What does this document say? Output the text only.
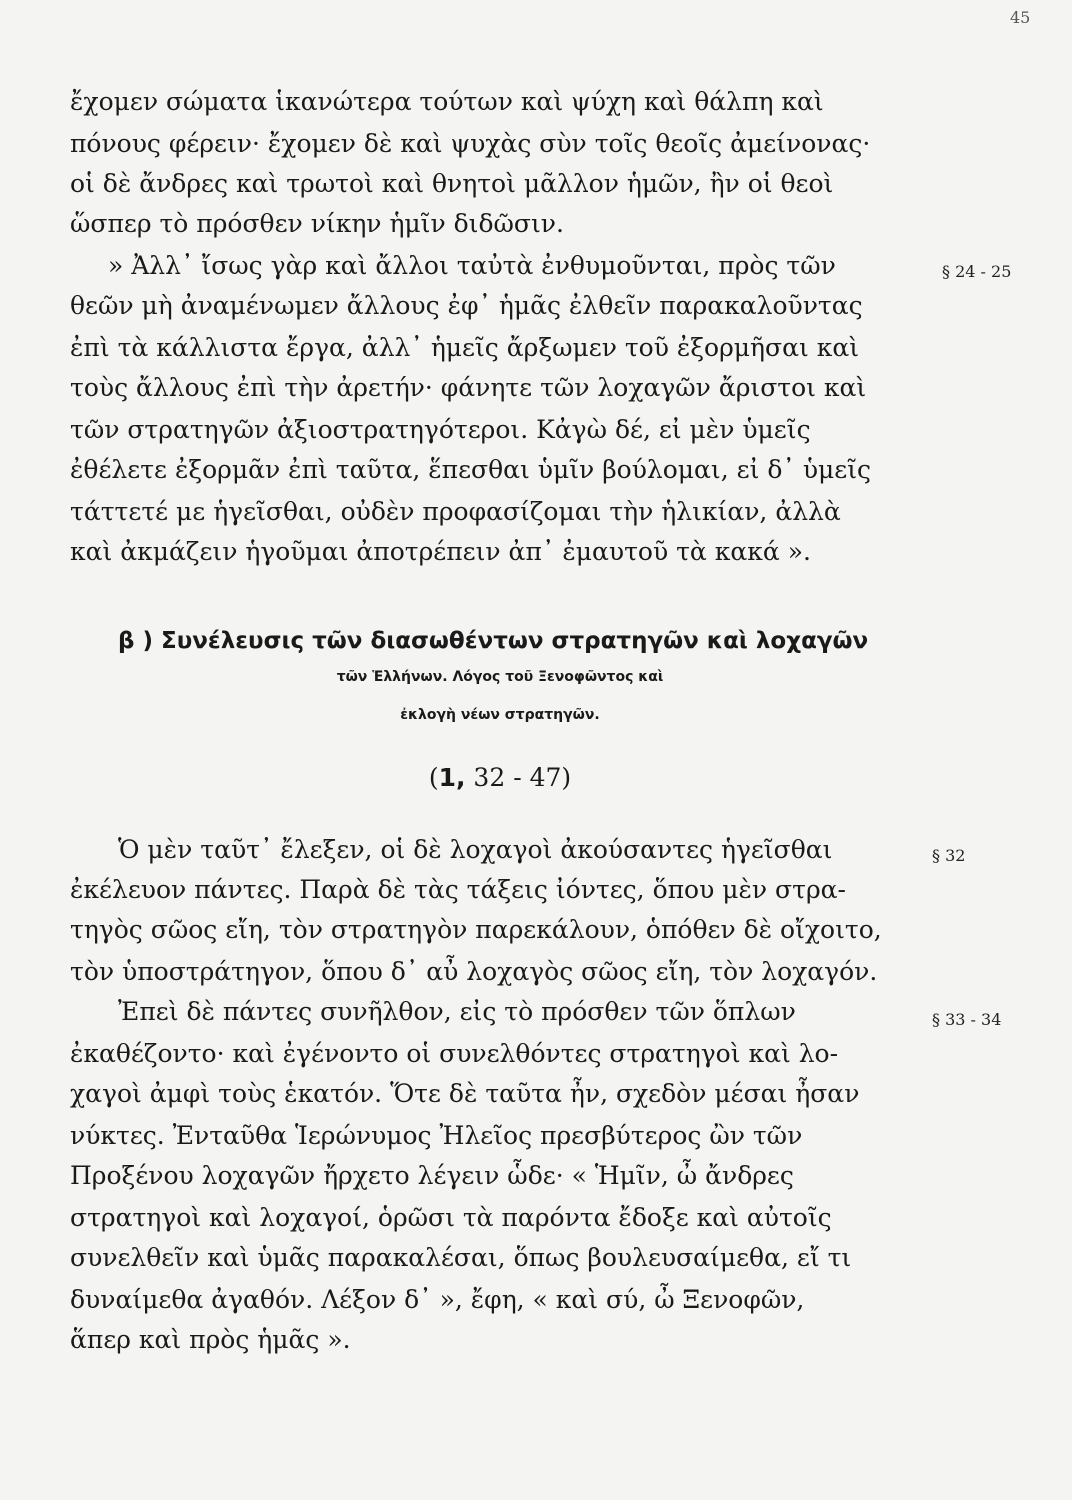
45
ἔχομεν σώματα ἱκανώτερα τούτων καὶ ψύχη καὶ θάλπη καὶ
πόνους φέρειν· ἔχομεν δὲ καὶ ψυχὰς σὺν τοῖς θεοῖς ἀμείνονας·
οἱ δὲ ἄνδρες καὶ τρωτοὶ καὶ θνητοὶ μᾶλλον ἡμῶν, ἢν οἱ θεοὶ
ὥσπερ τὸ πρόσθεν νίκην ἡμῖν διδῶσιν.
» Ἀλλ᾽ ἴσως γὰρ καὶ ἄλλοι ταὐτὰ ἐνθυμοῦνται, πρὸς τῶν	§ 24 - 25
θεῶν μὴ ἀναμένωμεν ἄλλους ἐφ᾽ ἡμᾶς ἐλθεῖν παρακαλοῦντας
ἐπὶ τὰ κάλλιστα ἔργα, ἀλλ᾽ ἡμεῖς ἄρξωμεν τοῦ ἐξορμῆσαι καὶ
τοὺς ἄλλους ἐπὶ τὴν ἀρετήν· φάνητε τῶν λοχαγῶν ἄριστοι καὶ
τῶν στρατηγῶν ἀξιοστρατηγότεροι. Κἀγὼ δέ, εἰ μὲν ὑμεῖς
ἐθέλετε ἐξορμᾶν ἐπὶ ταῦτα, ἕπεσθαι ὑμῖν βούλομαι, εἰ δ᾽ ὑμεῖς
τάττετέ με ἡγεῖσθαι, οὐδὲν προφασίζομαι τὴν ἡλικίαν, ἀλλὰ
καὶ ἀκμάζειν ἡγοῦμαι ἀποτρέπειν ἀπ᾽ ἐμαυτοῦ τὰ κακά ».
β ) Συνέλευσις τῶν διασωθέντων στρατηγῶν καὶ λοχαγῶν
τῶν Ἑλλήνων. Λόγος τοῦ Ξενοφῶντος καὶ
ἐκλογὴ νέων στρατηγῶν.
(1, 32 - 47)
Ὁ μὲν ταῦτ᾽ ἔλεξεν, οἱ δὲ λοχαγοὶ ἀκούσαντες ἡγεῖσθαι	§ 32
ἐκέλευον πάντες. Παρὰ δὲ τὰς τάξεις ἰόντες, ὅπου μὲν στρα-
τηγὸς σῶος εἴη, τὸν στρατηγὸν παρεκάλουν, ὁπόθεν δὲ οἴχοιτο,
τὸν ὑποστράτηγον, ὅπου δ᾽ αὖ λοχαγὸς σῶος εἴη, τὸν λοχαγόν.
Ἐπεὶ δὲ πάντες συνῆλθον, εἰς τὸ πρόσθεν τῶν ὅπλων	§ 33 - 34
ἐκαθέζοντο· καὶ ἐγένοντο οἱ συνελθόντες στρατηγοὶ καὶ λο-
χαγοὶ ἀμφὶ τοὺς ἑκατόν. Ὅτε δὲ ταῦτα ἦν, σχεδὸν μέσαι ἦσαν
νύκτες. Ἐνταῦθα Ἱερώνυμος Ἠλεῖος πρεσβύτερος ὢν τῶν
Προξένου λοχαγῶν ἤρχετο λέγειν ὧδε· « Ἡμῖν, ὦ ἄνδρες
στρατηγοὶ καὶ λοχαγοί, ὁρῶσι τὰ παρόντα ἔδοξε καὶ αὐτοῖς
συνελθεῖν καὶ ὑμᾶς παρακαλέσαι, ὅπως βουλευσαίμεθα, εἴ τι
δυναίμεθα ἀγαθόν. Λέξον δ᾽ », ἔφη, « καὶ σύ, ὦ Ξενοφῶν,
ἅπερ καὶ πρὸς ἡμᾶς ».
